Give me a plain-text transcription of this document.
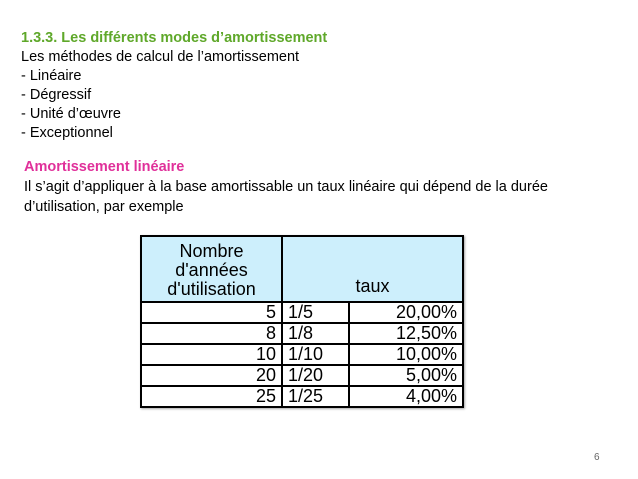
1.3.3. Les différents modes d’amortissement
Les méthodes de calcul de l’amortissement
- Linéaire
- Dégressif
- Unité d’œuvre
- Exceptionnel
Amortissement linéaire
Il s’agit d’appliquer à la base amortissable un taux linéaire qui dépend de la durée d’utilisation, par exemple
Nombre
d'années
d'utilisation	taux	
5	1/5	20,00%
8	1/8	12,50%
10	1/10	10,00%
20	1/20	5,00%
25	1/25	4,00%
6
